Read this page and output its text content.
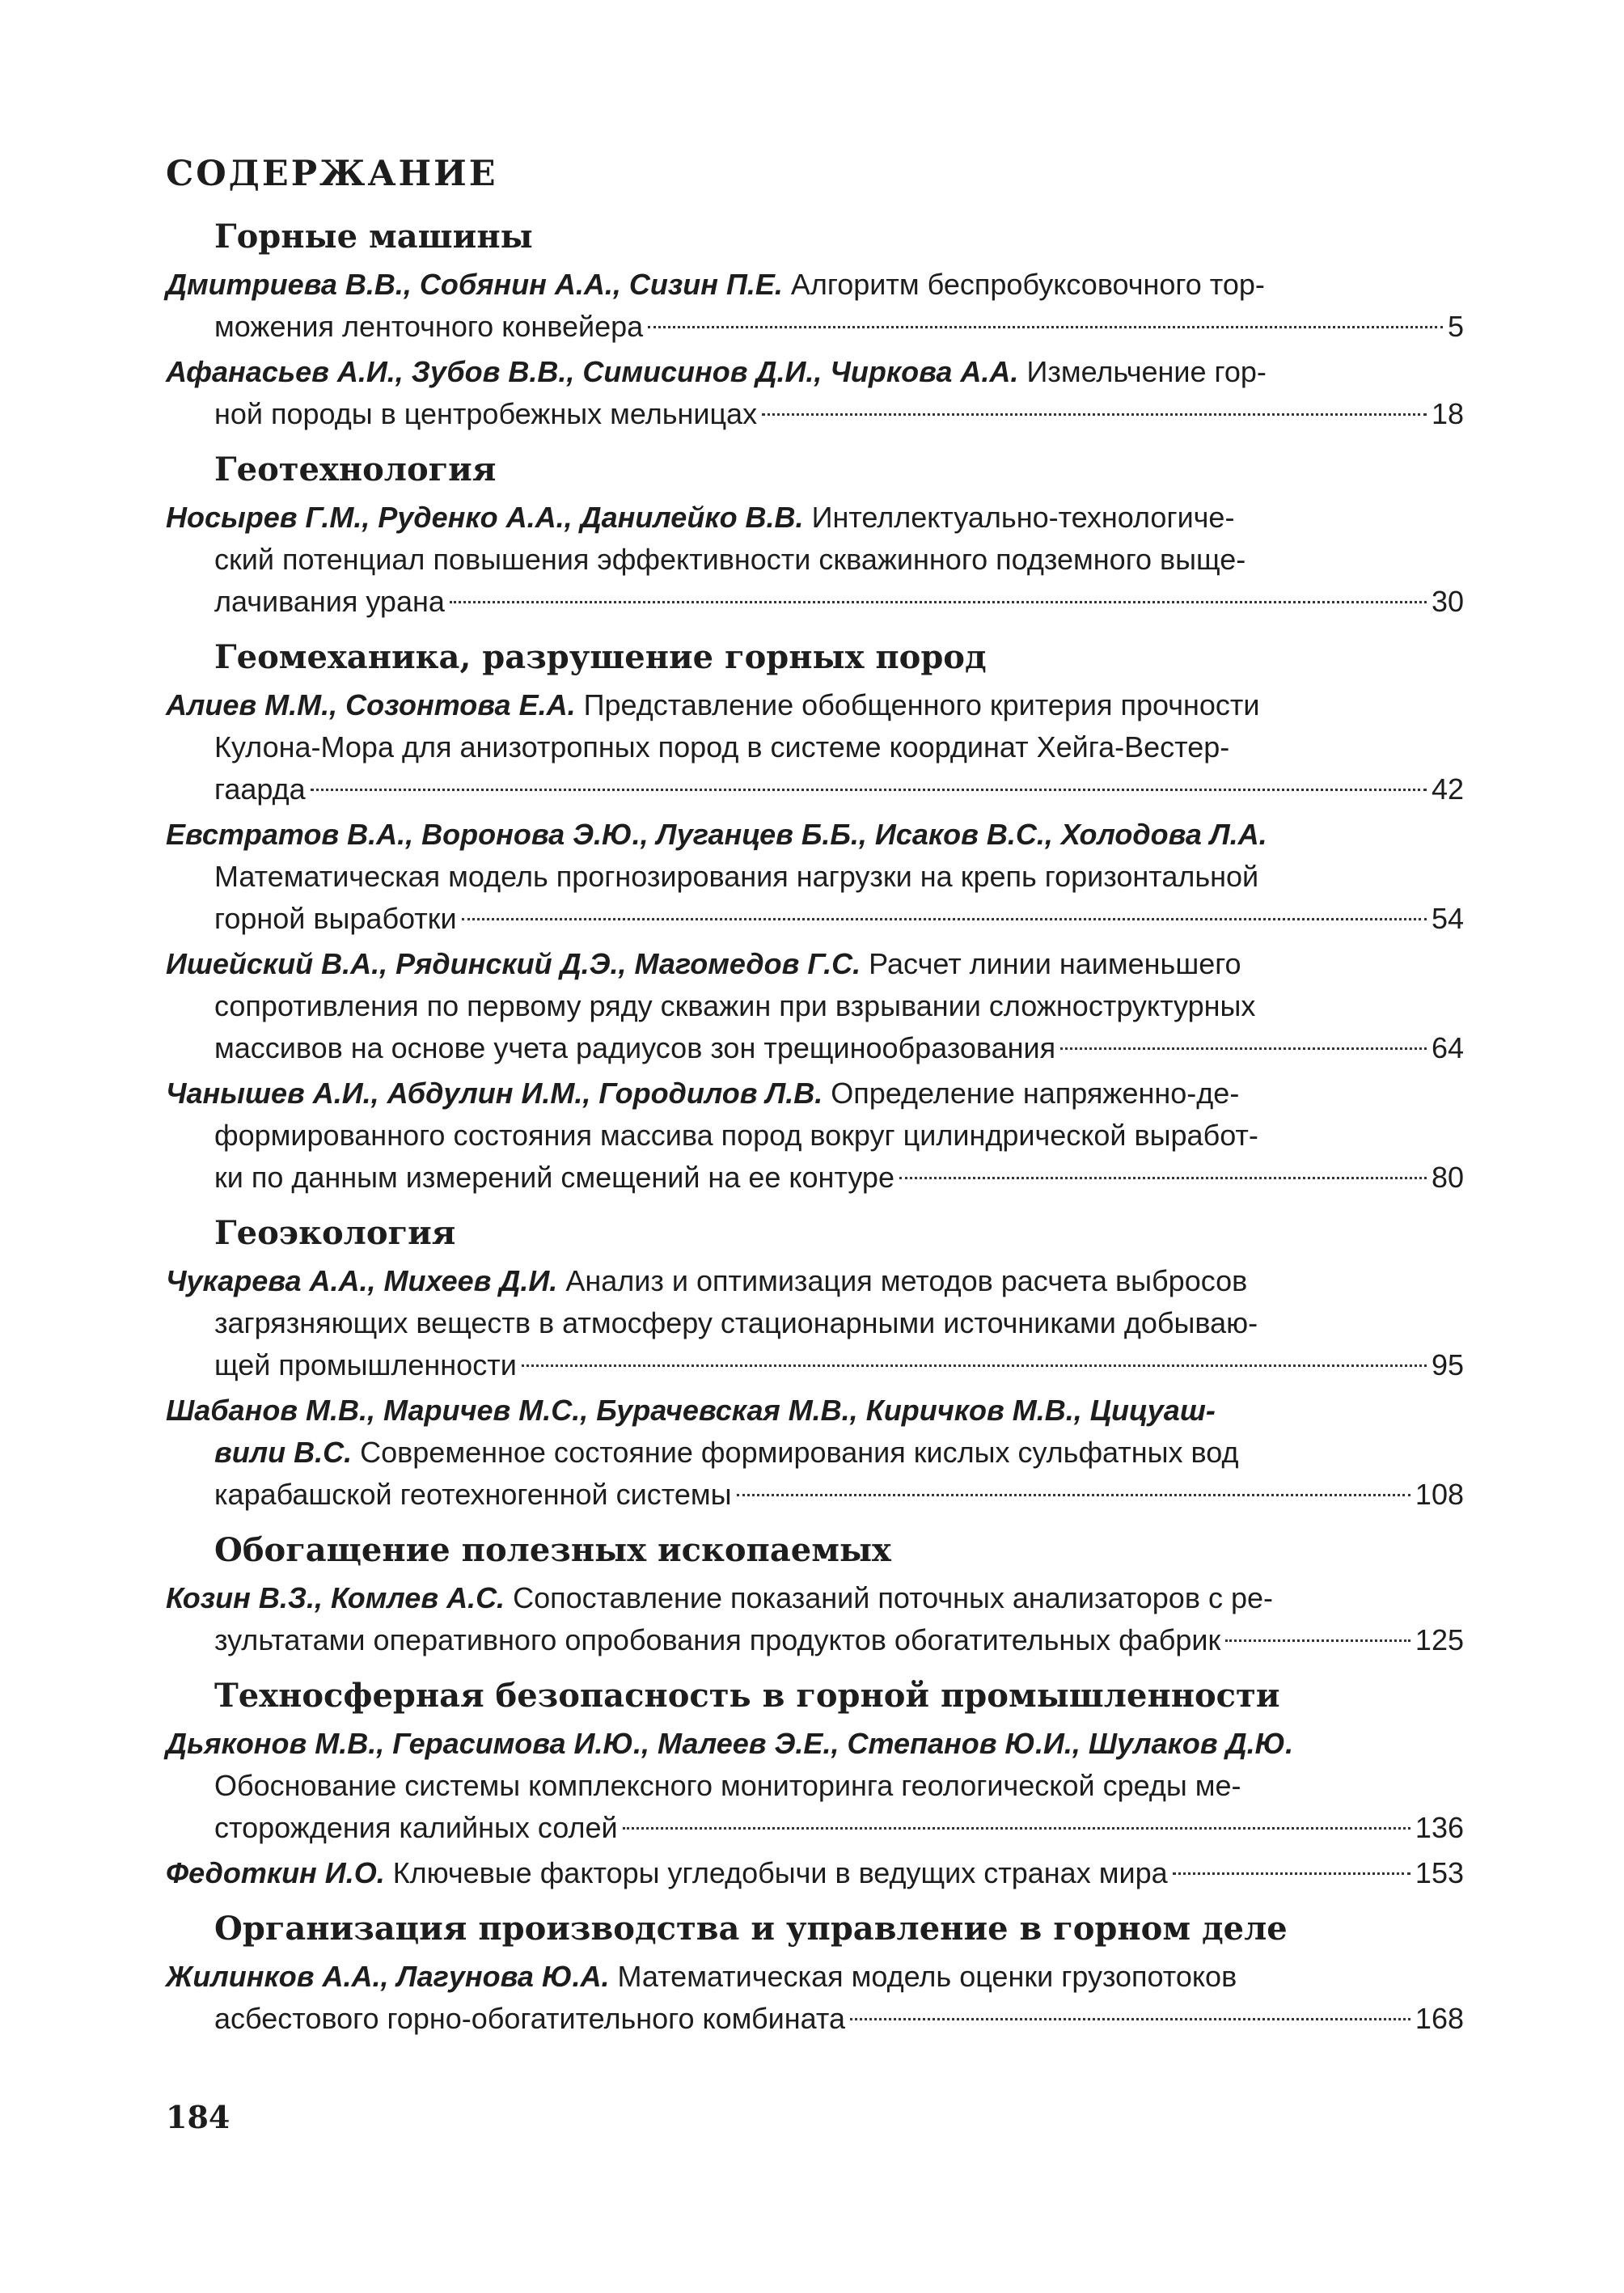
СОДЕРЖАНИЕ
Горные машины
Дмитриева В.В., Собянин А.А., Сизин П.Е. Алгоритм беспробуксовочного тор-
можения ленточного конвейера	5
Афанасьев А.И., Зубов В.В., Симисинов Д.И., Чиркова А.А. Измельчение гор-
ной породы в центробежных мельницах	18
Геотехнология
Носырев Г.М., Руденко А.А., Данилейко В.В. Интеллектуально-технологиче-
ский потенциал повышения эффективности скважинного подземного выще-
лачивания урана	30
Геомеханика, разрушение горных пород
Алиев М.М., Созонтова Е.А. Представление обобщенного критерия прочности
Кулона-Мора для анизотропных пород в системе координат Хейга-Вестер-
гаарда	42
Евстратов В.А., Воронова Э.Ю., Луганцев Б.Б., Исаков В.С., Холодова Л.А.
Математическая модель прогнозирования нагрузки на крепь горизонтальной
горной выработки	54
Ишейский В.А., Рядинский Д.Э., Магомедов Г.С. Расчет линии наименьшего
сопротивления по первому ряду скважин при взрывании сложноструктурных
массивов на основе учета радиусов зон трещинообразования	64
Чанышев А.И., Абдулин И.М., Городилов Л.В. Определение напряженно-де-
формированного состояния массива пород вокруг цилиндрической выработ-
ки по данным измерений смещений на ее контуре	80
Геоэкология
Чукарева А.А., Михеев Д.И. Анализ и оптимизация методов расчета выбросов
загрязняющих веществ в атмосферу стационарными источниками добываю-
щей промышленности	95
Шабанов М.В., Маричев М.С., Бурачевская М.В., Киричков М.В., Цицуаш-
вили В.С. Современное состояние формирования кислых сульфатных вод
карабашской геотехногенной системы	108
Обогащение полезных ископаемых
Козин В.З., Комлев А.С. Сопоставление показаний поточных анализаторов с ре-
зультатами оперативного опробования продуктов обогатительных фабрик	125
Техносферная безопасность в горной промышленности
Дьяконов М.В., Герасимова И.Ю., Малеев Э.Е., Степанов Ю.И., Шулаков Д.Ю.
Обоснование системы комплексного мониторинга геологической среды ме-
сторождения калийных солей	136
Федоткин И.О. Ключевые факторы угледобычи в ведущих странах мира	153
Организация производства и управление в горном деле
Жилинков А.А., Лагунова Ю.А. Математическая модель оценки грузопотоков
асбестового горно-обогатительного комбината	168
184
